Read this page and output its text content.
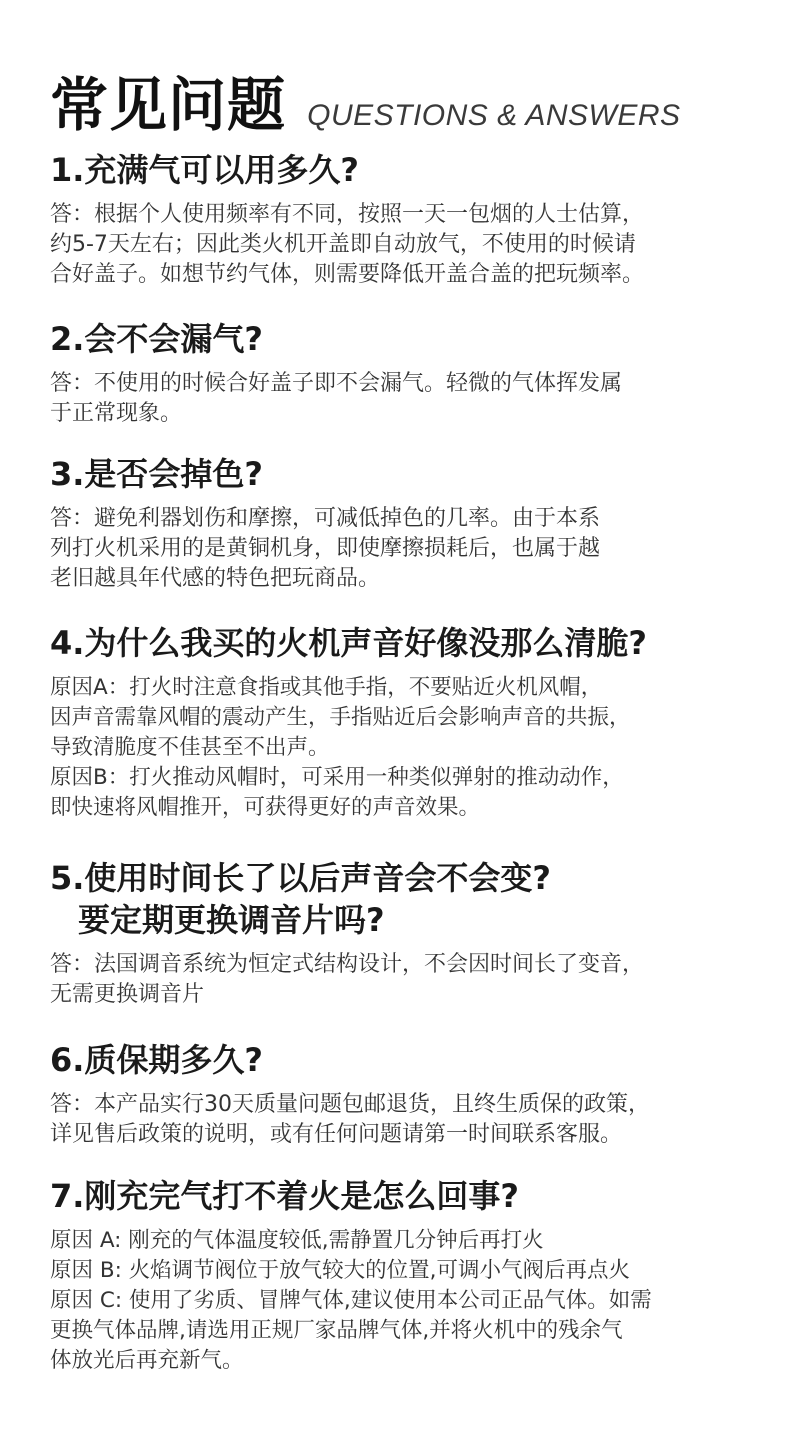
常见问题 QUESTIONS & ANSWERS
1.充满气可以用多久?
答：根据个人使用频率有不同，按照一天一包烟的人士估算，
约5-7天左右；因此类火机开盖即自动放气，不使用的时候请
合好盖子。如想节约气体，则需要降低开盖合盖的把玩频率。
2.会不会漏气?
答：不使用的时候合好盖子即不会漏气。轻微的气体挥发属
于正常现象。
3.是否会掉色?
答：避免利器划伤和摩擦，可减低掉色的几率。由于本系
列打火机采用的是黄铜机身，即使摩擦损耗后，也属于越
老旧越具年代感的特色把玩商品。
4.为什么我买的火机声音好像没那么清脆?
原因A：打火时注意食指或其他手指，不要贴近火机风帽，
因声音需靠风帽的震动产生，手指贴近后会影响声音的共振，
导致清脆度不佳甚至不出声。
原因B：打火推动风帽时，可采用一种类似弹射的推动动作，
即快速将风帽推开，可获得更好的声音效果。
5.使用时间长了以后声音会不会变?
要定期更换调音片吗?
答：法国调音系统为恒定式结构设计，不会因时间长了变音，
无需更换调音片
6.质保期多久?
答：本产品实行30天质量问题包邮退货，且终生质保的政策，
详见售后政策的说明，或有任何问题请第一时间联系客服。
7.刚充完气打不着火是怎么回事?
原因 A: 刚充的气体温度较低,需静置几分钟后再打火
原因 B: 火焰调节阀位于放气较大的位置,可调小气阀后再点火
原因 C: 使用了劣质、冒牌气体,建议使用本公司正品气体。如需
更换气体品牌,请选用正规厂家品牌气体,并将火机中的残余气
体放光后再充新气。
